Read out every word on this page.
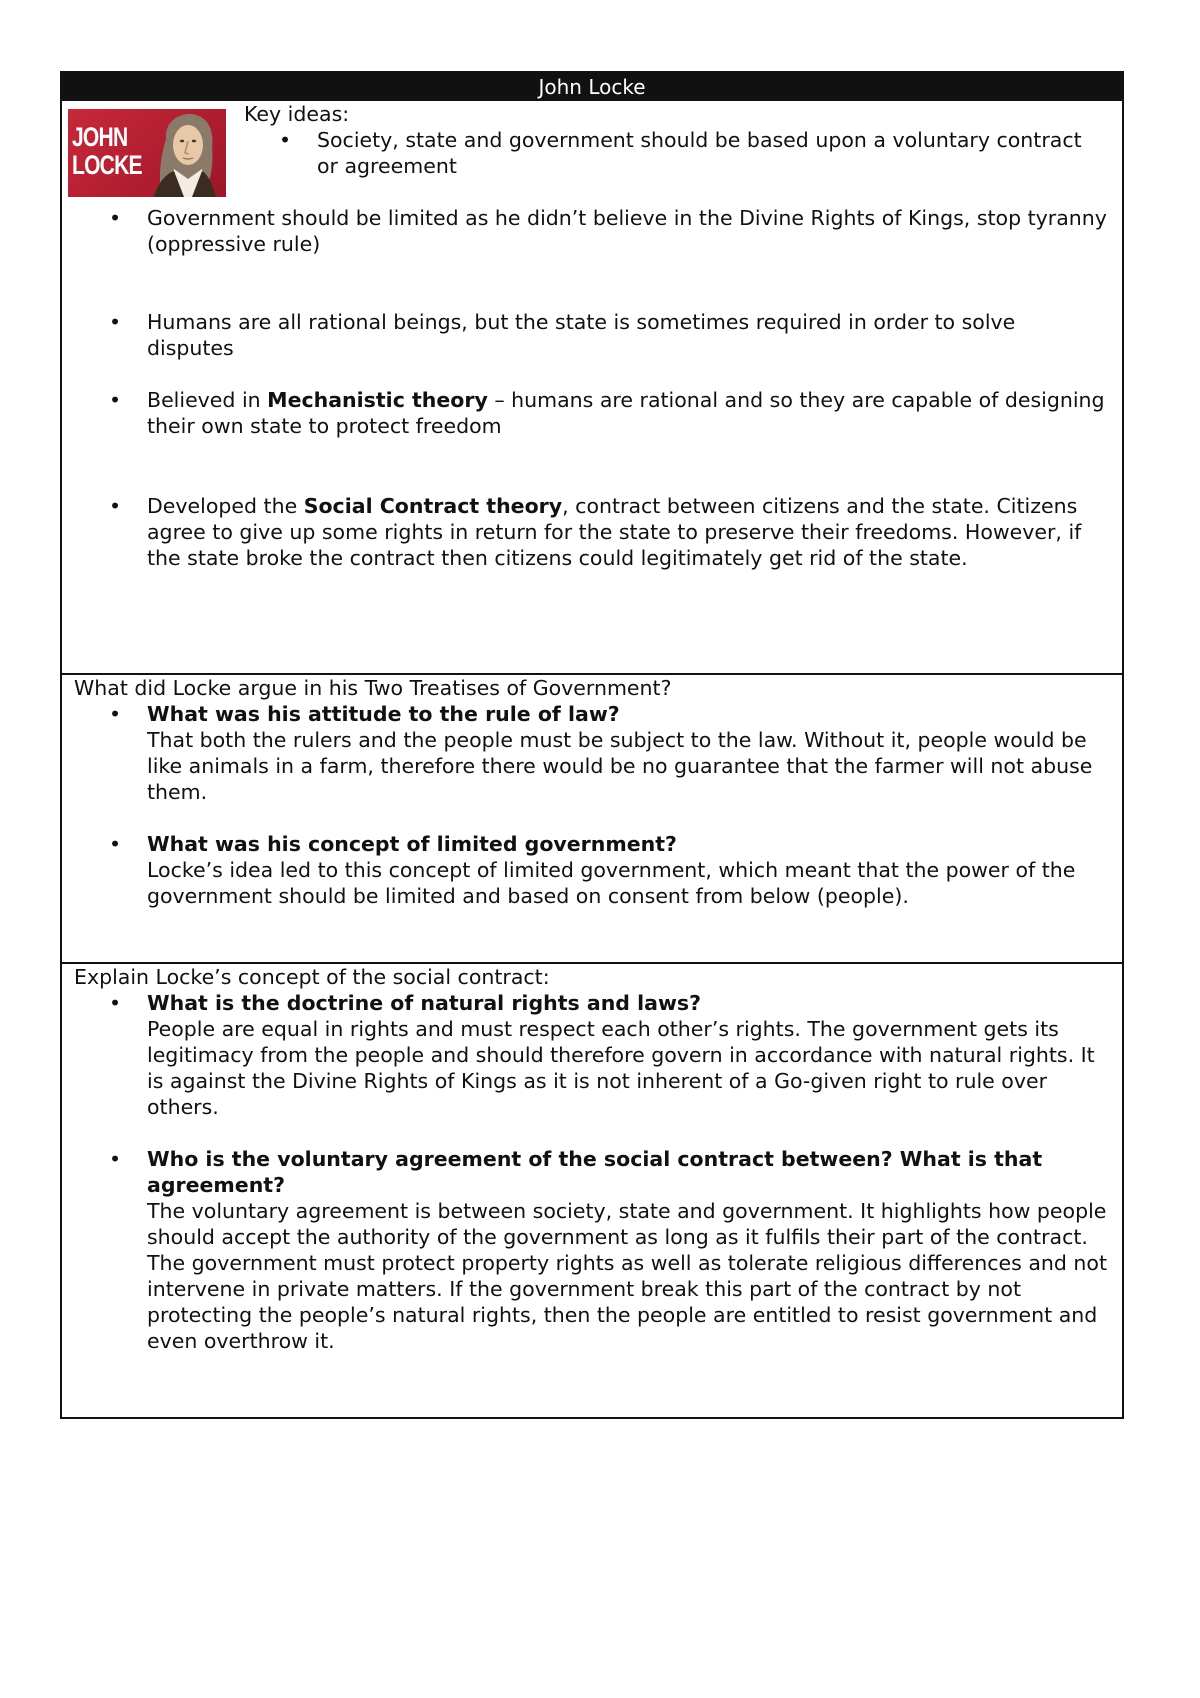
John Locke
JOHN
LOCKE
Key ideas:
• Society, state and government should be based upon a voluntary contract or agreement
• Government should be limited as he didn’t believe in the Divine Rights of Kings, stop tyranny (oppressive rule)
• Humans are all rational beings, but the state is sometimes required in order to solve disputes
• Believed in Mechanistic theory – humans are rational and so they are capable of designing their own state to protect freedom
• Developed the Social Contract theory, contract between citizens and the state. Citizens agree to give up some rights in return for the state to preserve their freedoms. However, if the state broke the contract then citizens could legitimately get rid of the state.
What did Locke argue in his Two Treatises of Government?
• What was his attitude to the rule of law?
That both the rulers and the people must be subject to the law. Without it, people would be like animals in a farm, therefore there would be no guarantee that the farmer will not abuse them.
• What was his concept of limited government?
Locke’s idea led to this concept of limited government, which meant that the power of the government should be limited and based on consent from below (people).
Explain Locke’s concept of the social contract:
• What is the doctrine of natural rights and laws?
People are equal in rights and must respect each other’s rights. The government gets its legitimacy from the people and should therefore govern in accordance with natural rights. It is against the Divine Rights of Kings as it is not inherent of a Go-given right to rule over others.
• Who is the voluntary agreement of the social contract between? What is that agreement?
The voluntary agreement is between society, state and government. It highlights how people should accept the authority of the government as long as it fulfils their part of the contract. The government must protect property rights as well as tolerate religious differences and not intervene in private matters. If the government break this part of the contract by not protecting the people’s natural rights, then the people are entitled to resist government and even overthrow it.
